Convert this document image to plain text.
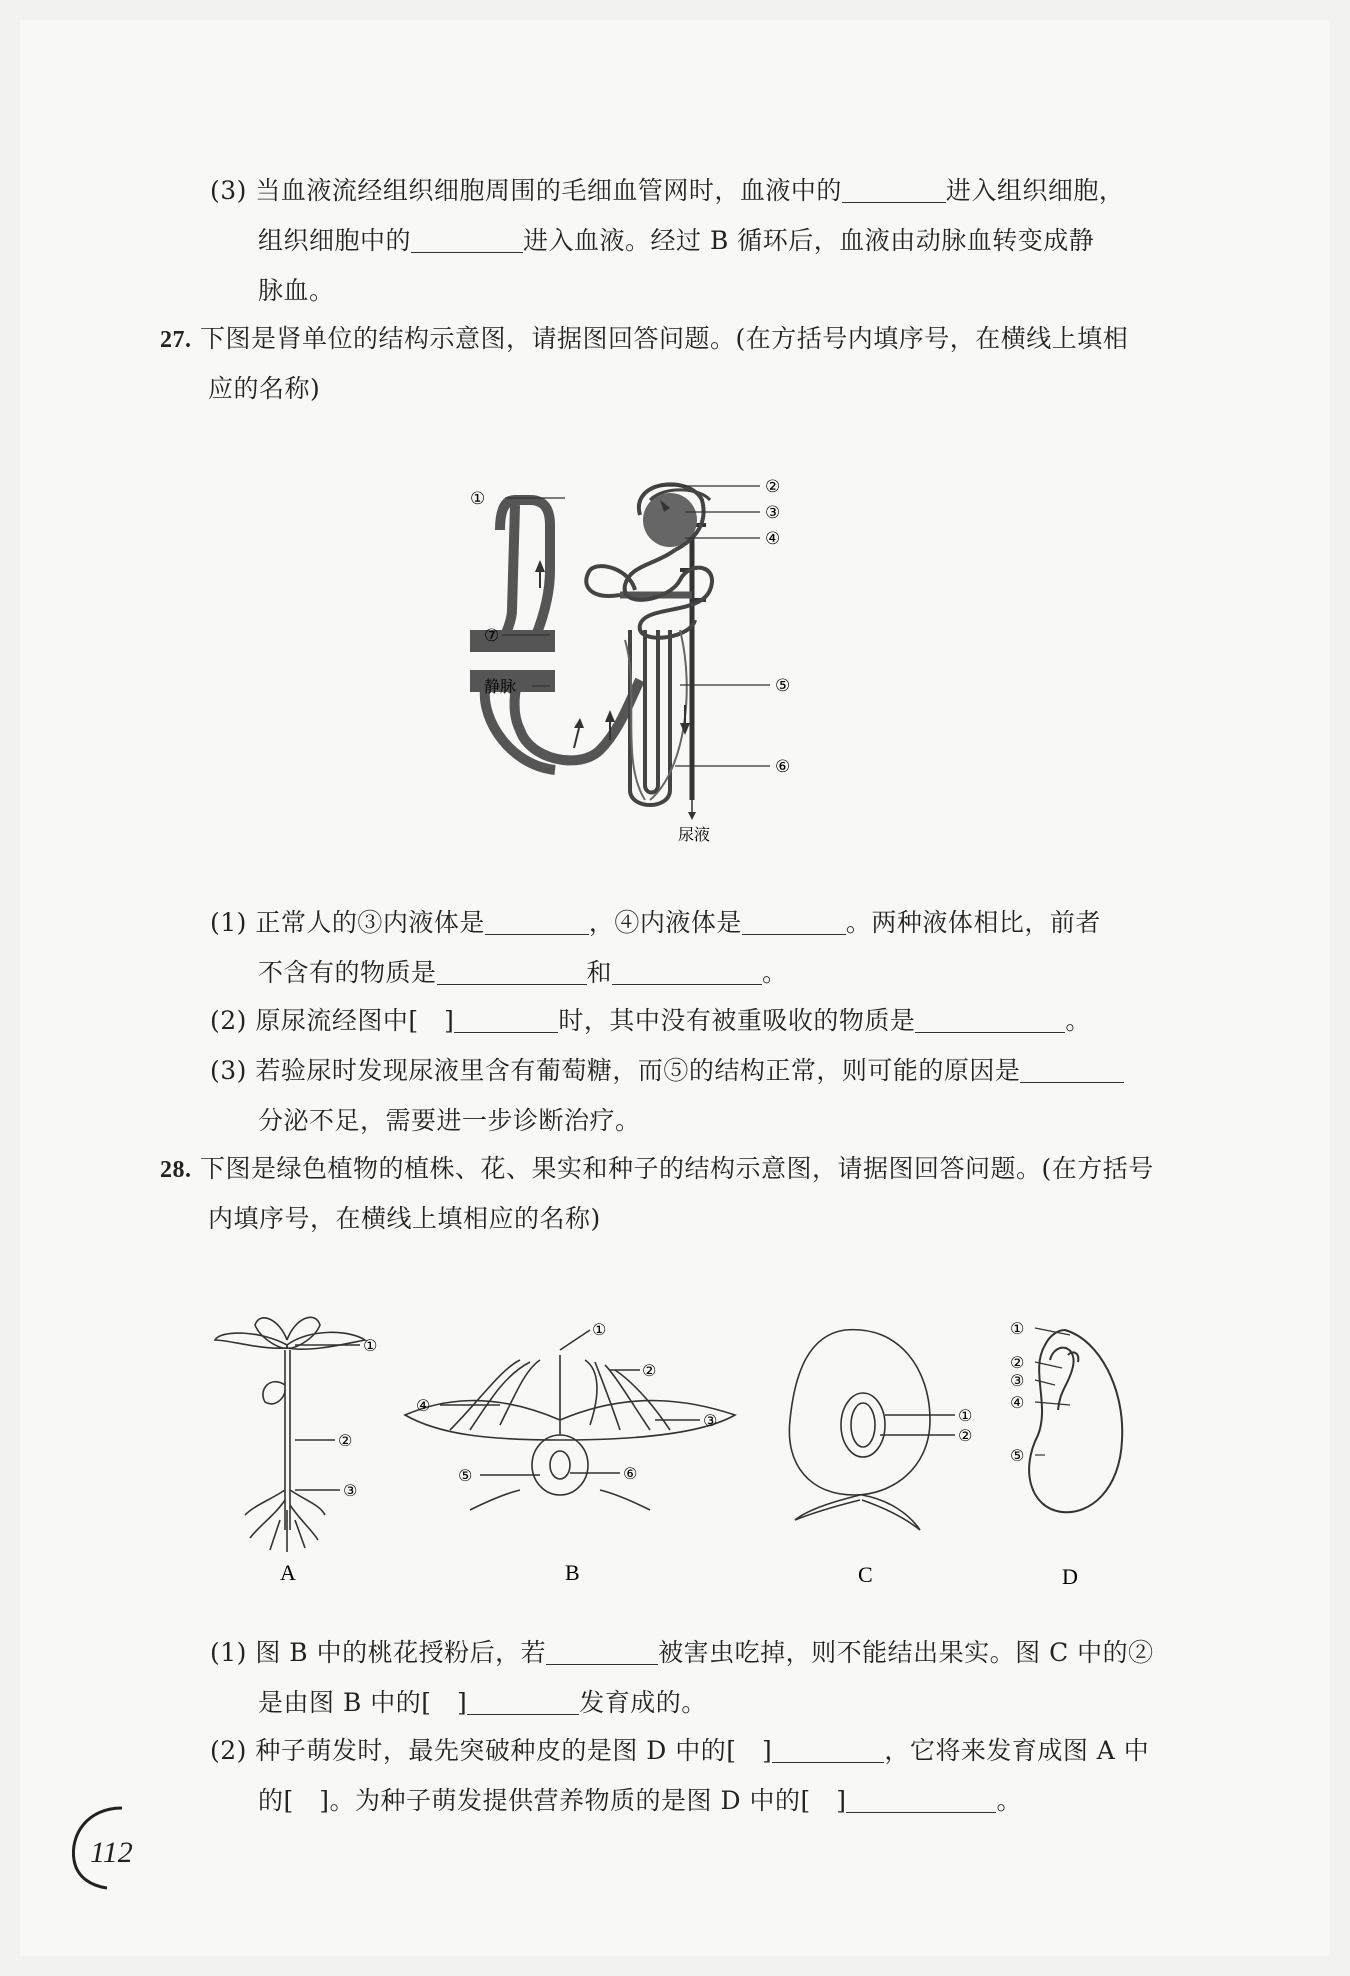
(3) 当血液流经组织细胞周围的毛细血管网时，血液中的	进入组织细胞，
组织细胞中的	进入血液。经过 B 循环后，血液由动脉血转变成静
脉血。
27. 下图是肾单位的结构示意图，请据图回答问题。(在方括号内填序号，在横线上填相
应的名称)
①
②
③
④
⑤
⑥
⑦
静脉
尿液
(1) 正常人的③内液体是	，④内液体是	。两种液体相比，前者
不含有的物质是	和	。
(2) 原尿流经图中[　]	时，其中没有被重吸收的物质是	。
(3) 若验尿时发现尿液里含有葡萄糖，而⑤的结构正常，则可能的原因是
分泌不足，需要进一步诊断治疗。
28. 下图是绿色植物的植株、花、果实和种子的结构示意图，请据图回答问题。(在方括号
内填序号，在横线上填相应的名称)
①
②
③
①
②
③
④
⑤	⑥
①
②
①
②
③
④
⑤
A	B	C	D
(1) 图 B 中的桃花授粉后，若	被害虫吃掉，则不能结出果实。图 C 中的②
是由图 B 中的[　]	发育成的。
(2) 种子萌发时，最先突破种皮的是图 D 中的[　]	，它将来发育成图 A 中
的[　]。为种子萌发提供营养物质的是图 D 中的[　]	。
112
